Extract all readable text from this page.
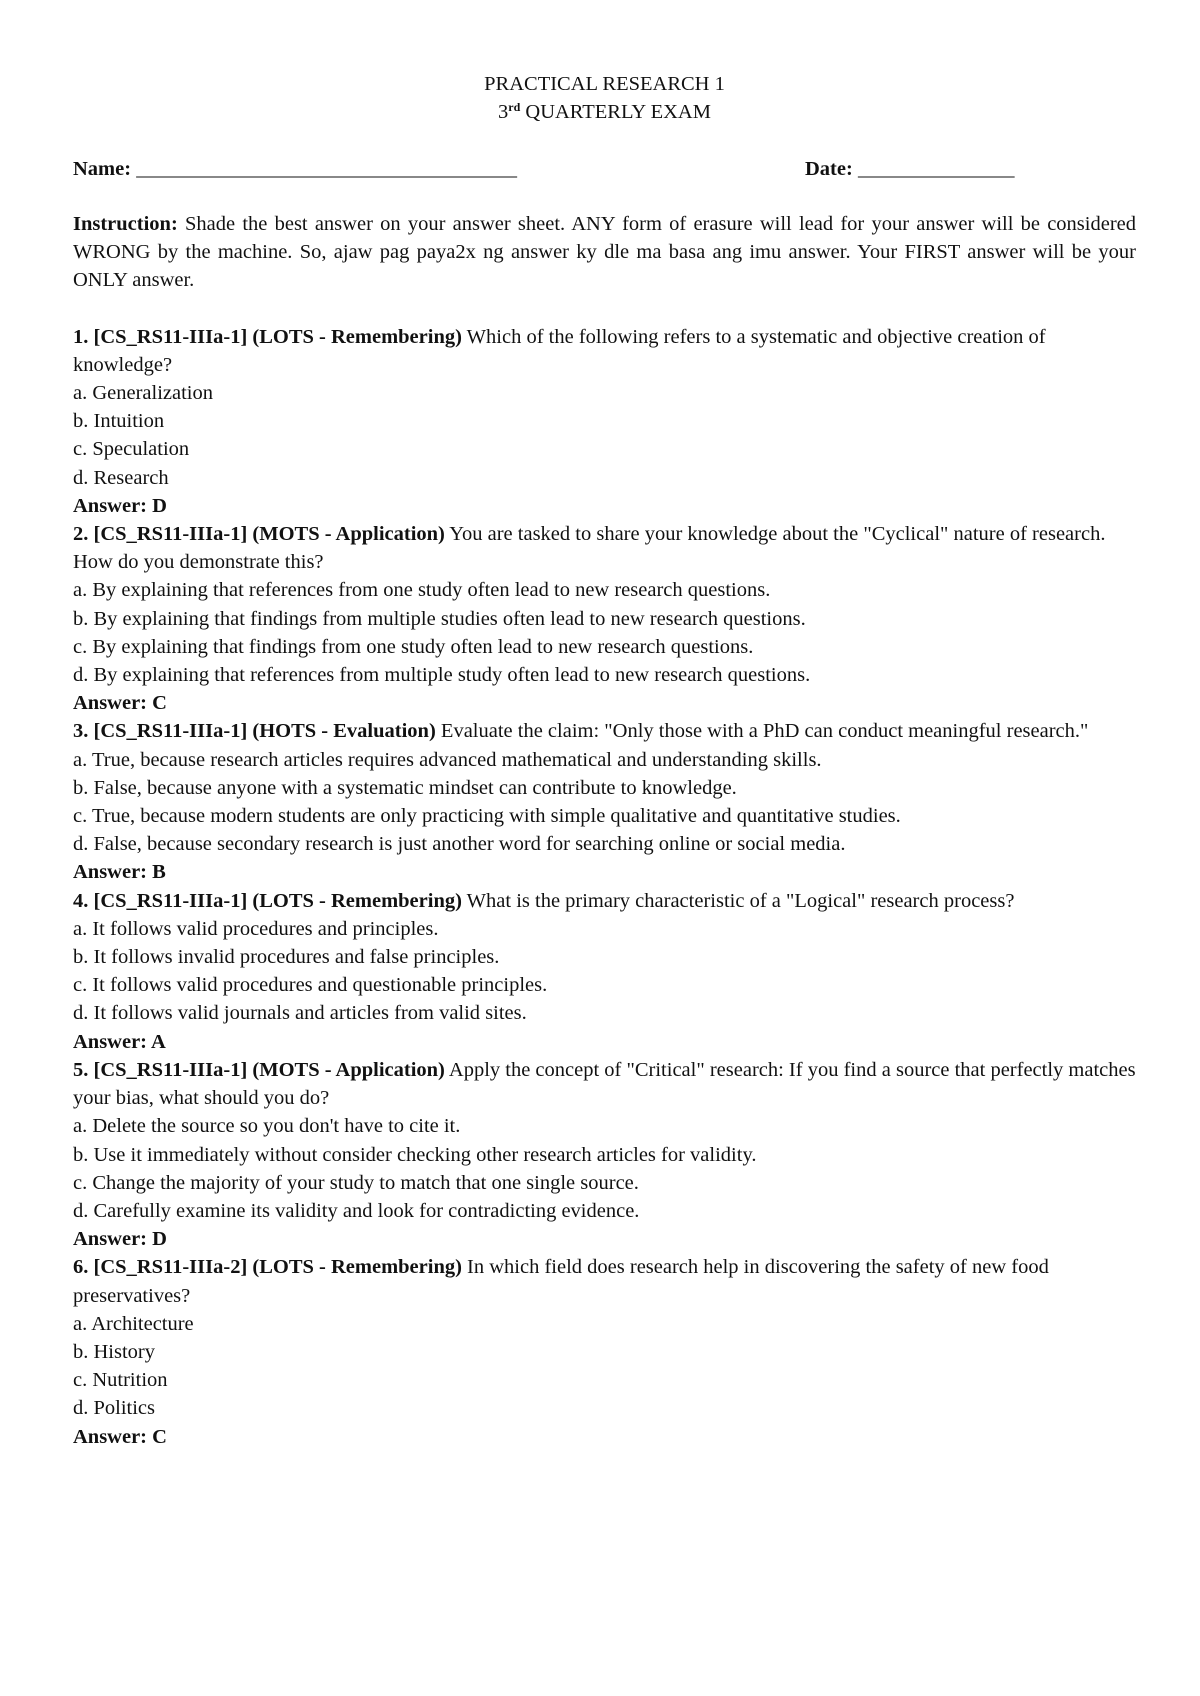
PRACTICAL RESEARCH 1
3rd QUARTERLY EXAM
Name: _______________________________________	Date: ________________
Instruction: Shade the best answer on your answer sheet. ANY form of erasure will lead for your answer will be considered WRONG by the machine. So, ajaw pag paya2x ng answer ky dle ma basa ang imu answer. Your FIRST answer will be your ONLY answer.
1. [CS_RS11-IIIa-1] (LOTS - Remembering) Which of the following refers to a systematic and objective creation of knowledge?
a. Generalization
b. Intuition
c. Speculation
d. Research
Answer: D
2. [CS_RS11-IIIa-1] (MOTS - Application) You are tasked to share your knowledge about the "Cyclical" nature of research. How do you demonstrate this?
a. By explaining that references from one study often lead to new research questions.
b. By explaining that findings from multiple studies often lead to new research questions.
c. By explaining that findings from one study often lead to new research questions.
d. By explaining that references from multiple study often lead to new research questions.
Answer: C
3. [CS_RS11-IIIa-1] (HOTS - Evaluation) Evaluate the claim: "Only those with a PhD can conduct meaningful research."
a. True, because research articles requires advanced mathematical and understanding skills.
b. False, because anyone with a systematic mindset can contribute to knowledge.
c. True, because modern students are only practicing with simple qualitative and quantitative studies.
d. False, because secondary research is just another word for searching online or social media.
Answer: B
4. [CS_RS11-IIIa-1] (LOTS - Remembering) What is the primary characteristic of a "Logical" research process?
a. It follows valid procedures and principles.
b. It follows invalid procedures and false principles.
c. It follows valid procedures and questionable principles.
d. It follows valid journals and articles from valid sites.
Answer: A
5. [CS_RS11-IIIa-1] (MOTS - Application) Apply the concept of "Critical" research: If you find a source that perfectly matches your bias, what should you do?
a. Delete the source so you don't have to cite it.
b. Use it immediately without consider checking other research articles for validity.
c. Change the majority of your study to match that one single source.
d. Carefully examine its validity and look for contradicting evidence.
Answer: D
6. [CS_RS11-IIIa-2] (LOTS - Remembering) In which field does research help in discovering the safety of new food preservatives?
a. Architecture
b. History
c. Nutrition
d. Politics
Answer: C
